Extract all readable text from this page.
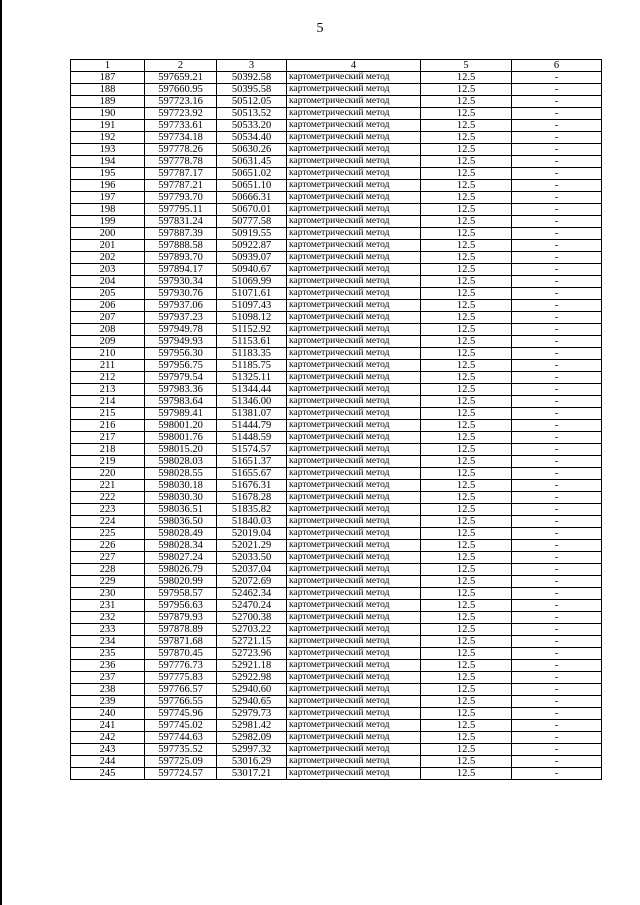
5
1	2	3	4	5	6
187	597659.21	50392.58	картометрический метод	12.5	-
188	597660.95	50395.58	картометрический метод	12.5	-
189	597723.16	50512.05	картометрический метод	12.5	-
190	597723.92	50513.52	картометрический метод	12.5	-
191	597733.61	50533.20	картометрический метод	12.5	-
192	597734.18	50534.40	картометрический метод	12.5	-
193	597778.26	50630.26	картометрический метод	12.5	-
194	597778.78	50631.45	картометрический метод	12.5	-
195	597787.17	50651.02	картометрический метод	12.5	-
196	597787.21	50651.10	картометрический метод	12.5	-
197	597793.70	50666.31	картометрический метод	12.5	-
198	597795.11	50670.01	картометрический метод	12.5	-
199	597831.24	50777.58	картометрический метод	12.5	-
200	597887.39	50919.55	картометрический метод	12.5	-
201	597888.58	50922.87	картометрический метод	12.5	-
202	597893.70	50939.07	картометрический метод	12.5	-
203	597894.17	50940.67	картометрический метод	12.5	-
204	597930.34	51069.99	картометрический метод	12.5	-
205	597930.76	51071.61	картометрический метод	12.5	-
206	597937.06	51097.43	картометрический метод	12.5	-
207	597937.23	51098.12	картометрический метод	12.5	-
208	597949.78	51152.92	картометрический метод	12.5	-
209	597949.93	51153.61	картометрический метод	12.5	-
210	597956.30	51183.35	картометрический метод	12.5	-
211	597956.75	51185.75	картометрический метод	12.5	-
212	597979.54	51325.11	картометрический метод	12.5	-
213	597983.36	51344.44	картометрический метод	12.5	-
214	597983.64	51346.00	картометрический метод	12.5	-
215	597989.41	51381.07	картометрический метод	12.5	-
216	598001.20	51444.79	картометрический метод	12.5	-
217	598001.76	51448.59	картометрический метод	12.5	-
218	598015.20	51574.57	картометрический метод	12.5	-
219	598028.03	51651.37	картометрический метод	12.5	-
220	598028.55	51655.67	картометрический метод	12.5	-
221	598030.18	51676.31	картометрический метод	12.5	-
222	598030.30	51678.28	картометрический метод	12.5	-
223	598036.51	51835.82	картометрический метод	12.5	-
224	598036.50	51840.03	картометрический метод	12.5	-
225	598028.49	52019.04	картометрический метод	12.5	-
226	598028.34	52021.29	картометрический метод	12.5	-
227	598027.24	52033.50	картометрический метод	12.5	-
228	598026.79	52037.04	картометрический метод	12.5	-
229	598020.99	52072.69	картометрический метод	12.5	-
230	597958.57	52462.34	картометрический метод	12.5	-
231	597956.63	52470.24	картометрический метод	12.5	-
232	597879.93	52700.38	картометрический метод	12.5	-
233	597878.89	52703.22	картометрический метод	12.5	-
234	597871.68	52721.15	картометрический метод	12.5	-
235	597870.45	52723.96	картометрический метод	12.5	-
236	597776.73	52921.18	картометрический метод	12.5	-
237	597775.83	52922.98	картометрический метод	12.5	-
238	597766.57	52940.60	картометрический метод	12.5	-
239	597766.55	52940.65	картометрический метод	12.5	-
240	597745.96	52979.73	картометрический метод	12.5	-
241	597745.02	52981.42	картометрический метод	12.5	-
242	597744.63	52982.09	картометрический метод	12.5	-
243	597735.52	52997.32	картометрический метод	12.5	-
244	597725.09	53016.29	картометрический метод	12.5	-
245	597724.57	53017.21	картометрический метод	12.5	-
